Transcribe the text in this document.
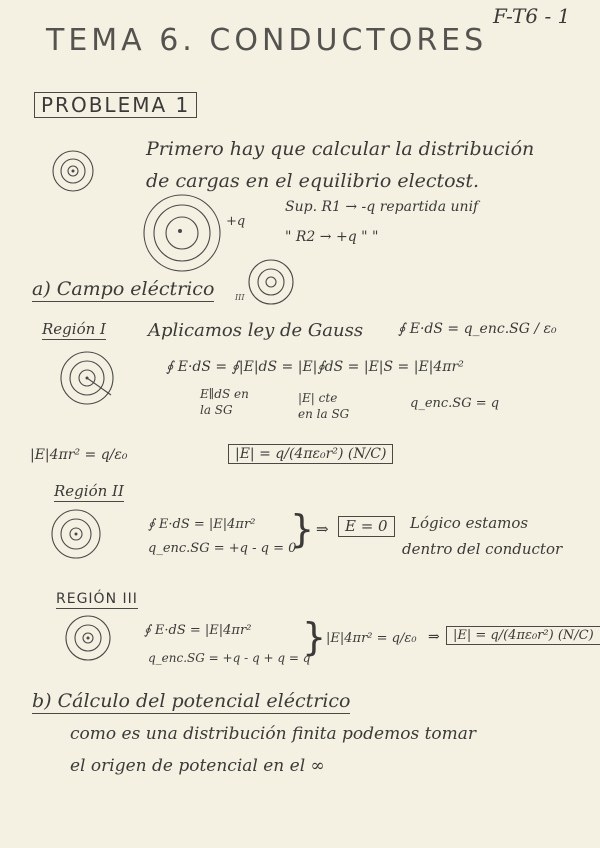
F-T6 - 1
TEMA 6. CONDUCTORES
PROBLEMA 1
Primero hay que calcular la distribución
de cargas en el equilibrio electost.
+q
Sup. R1 → -q repartida unif
" R2 → +q " "
a) Campo eléctrico	III
Región I Aplicamos ley de Gauss ∮ E·dS = q_enc.SG / ε₀
∮ E·dS = ∮|E|dS = |E|∮dS = |E|S = |E|4πr²
E∥dS en
la SG
|E| cte
en la SG
q_enc.SG = q
|E|4πr² = q/ε₀	|E| = q/(4πε₀r²) (N/C)
Región II
∮ E·dS = |E|4πr²
q_enc.SG = +q - q = 0
} ⇒	E = 0	Lógico estamos
dentro del conductor
REGIÓN III
∮ E·dS = |E|4πr²
q_enc.SG = +q - q + q = q
} |E|4πr² = q/ε₀ ⇒	|E| = q/(4πε₀r²) (N/C)
b) Cálculo del potencial eléctrico
como es una distribución finita podemos tomar
el origen de potencial en el ∞
